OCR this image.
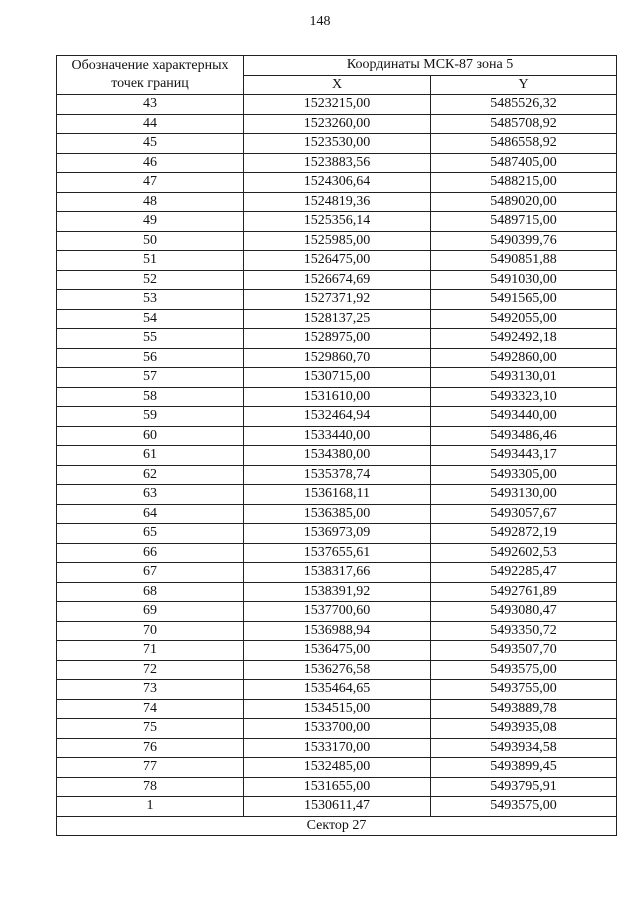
148
Обозначение характерных точек границ	Координаты МСК-87 зона 5	
	X	Y
43	1523215,00	5485526,32
44	1523260,00	5485708,92
45	1523530,00	5486558,92
46	1523883,56	5487405,00
47	1524306,64	5488215,00
48	1524819,36	5489020,00
49	1525356,14	5489715,00
50	1525985,00	5490399,76
51	1526475,00	5490851,88
52	1526674,69	5491030,00
53	1527371,92	5491565,00
54	1528137,25	5492055,00
55	1528975,00	5492492,18
56	1529860,70	5492860,00
57	1530715,00	5493130,01
58	1531610,00	5493323,10
59	1532464,94	5493440,00
60	1533440,00	5493486,46
61	1534380,00	5493443,17
62	1535378,74	5493305,00
63	1536168,11	5493130,00
64	1536385,00	5493057,67
65	1536973,09	5492872,19
66	1537655,61	5492602,53
67	1538317,66	5492285,47
68	1538391,92	5492761,89
69	1537700,60	5493080,47
70	1536988,94	5493350,72
71	1536475,00	5493507,70
72	1536276,58	5493575,00
73	1535464,65	5493755,00
74	1534515,00	5493889,78
75	1533700,00	5493935,08
76	1533170,00	5493934,58
77	1532485,00	5493899,45
78	1531655,00	5493795,91
1	1530611,47	5493575,00
Сектор 27		
